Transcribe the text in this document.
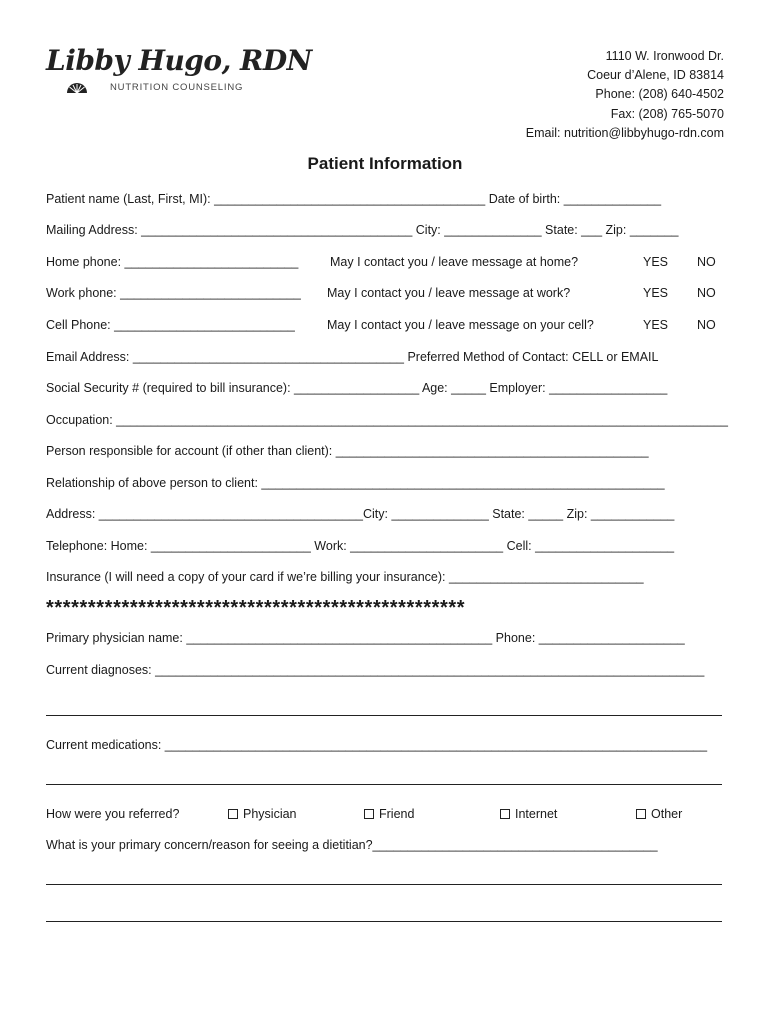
Libby Hugo, RDN
NUTRITION COUNSELING
1110 W. Ironwood Dr.
Coeur d’Alene, ID 83814
Phone: (208) 640-4502
Fax: (208) 765-5070
Email: nutrition@libbyhugo-rdn.com
Patient Information
Patient name (Last, First, MI): _______________________________________ Date of birth: ______________
Mailing Address: _______________________________________ City: ______________ State: ___ Zip: _______
Home phone: _________________________	May I contact you / leave message at home?	YES NO
Work phone: __________________________ May I contact you / leave message at work?	YES NO
Cell Phone: __________________________	May I contact you / leave message on your cell?	YES NO
Email Address: _______________________________________ Preferred Method of Contact: CELL or EMAIL
Social Security # (required to bill insurance): __________________ Age: _____ Employer: _________________
Occupation: ________________________________________________________________________________________
Person responsible for account (if other than client): _____________________________________________
Relationship of above person to client: __________________________________________________________
Address: ______________________________________City: ______________ State: _____ Zip: ____________
Telephone: Home: _______________________ Work: ______________________ Cell: ____________________
Insurance (I will need a copy of your card if we’re billing your insurance): ____________________________
**************************************************
Primary physician name: ____________________________________________ Phone: _____________________
Current diagnoses: _______________________________________________________________________________
Current medications: ______________________________________________________________________________
How were you referred?	Physician	Friend	Internet	Other
What is your primary concern/reason for seeing a dietitian?_________________________________________
